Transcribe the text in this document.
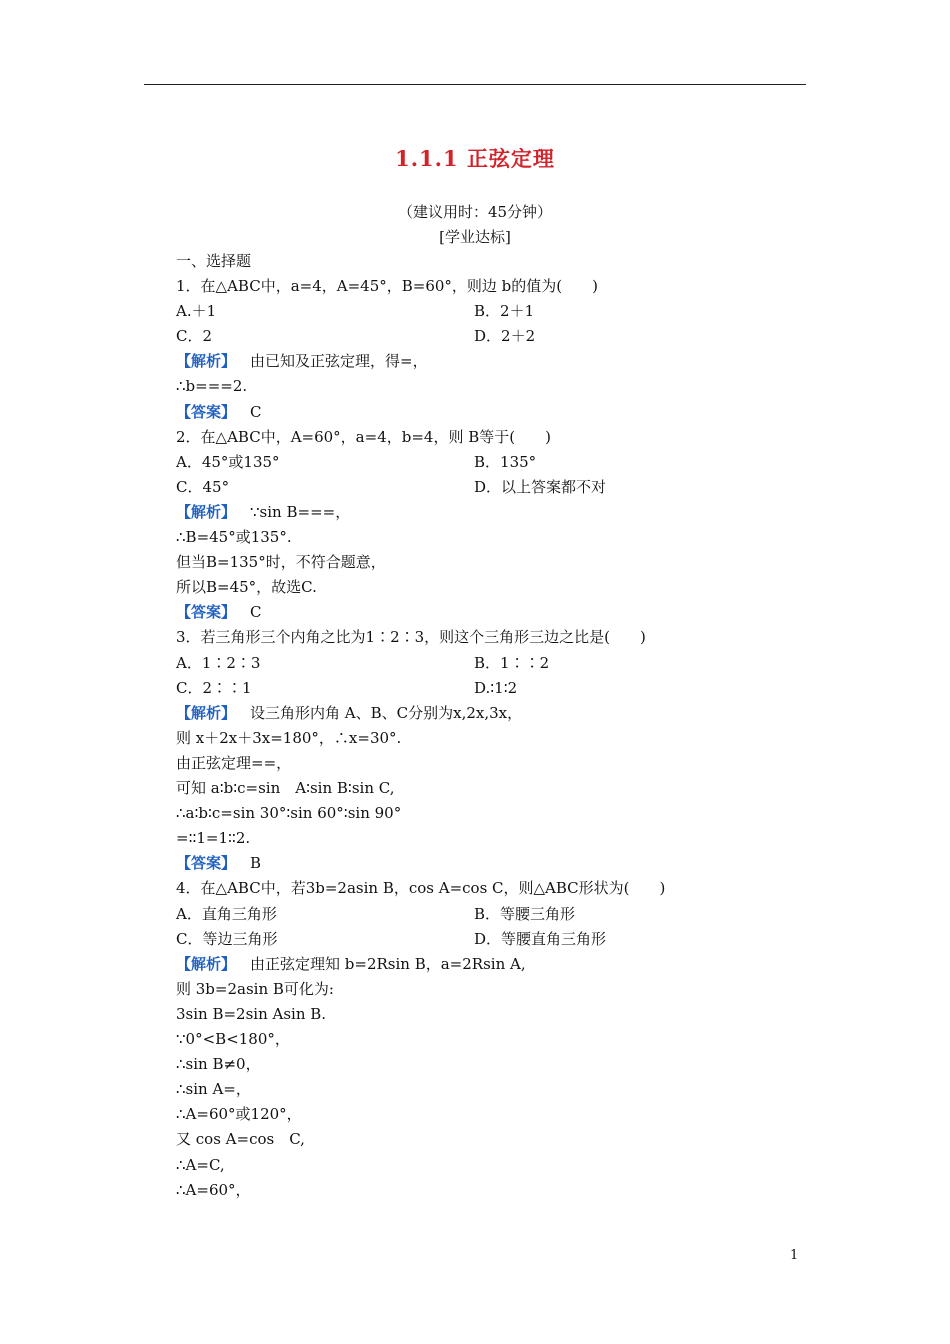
1.1.1 正弦定理
（建议用时：45分钟）
[学业达标]
一、选择题
1．在△ABC中，a=4，A=45°，B=60°，则边 b的值为(　　)
A.＋1	B．2＋1
C．2	D．2＋2
【解析】 由已知及正弦定理，得=，
∴b===2.
【答案】 C
2．在△ABC中，A=60°，a=4，b=4，则 B等于(　　)
A．45°或135°	B．135°
C．45°	D．以上答案都不对
【解析】 ∵sin B===，
∴B=45°或135°.
但当B=135°时，不符合题意，
所以B=45°，故选C.
【答案】 C
3．若三角形三个内角之比为1∶2∶3，则这个三角形三边之比是(　　)
A．1∶2∶3	B．1∶∶2
C．2∶∶1	D.∶1∶2
【解析】 设三角形内角 A、B、C分别为x,2x,3x，
则 x＋2x＋3x=180°，∴x=30°.
由正弦定理==，
可知 a∶b∶c=sin　A∶sin B∶sin C,
∴a∶b∶c=sin 30°∶sin 60°∶sin 90°
=∶∶1=1∶∶2.
【答案】 B
4．在△ABC中，若3b=2asin B，cos A=cos C，则△ABC形状为(　　)
A．直角三角形	B．等腰三角形
C．等边三角形	D．等腰直角三角形
【解析】 由正弦定理知 b=2Rsin B，a=2Rsin A,
则 3b=2asin B可化为:
3sin B=2sin Asin B.
∵0°<B<180°，
∴sin B≠0，
∴sin A=，
∴A=60°或120°，
又 cos A=cos　C,
∴A=C,
∴A=60°，
1
